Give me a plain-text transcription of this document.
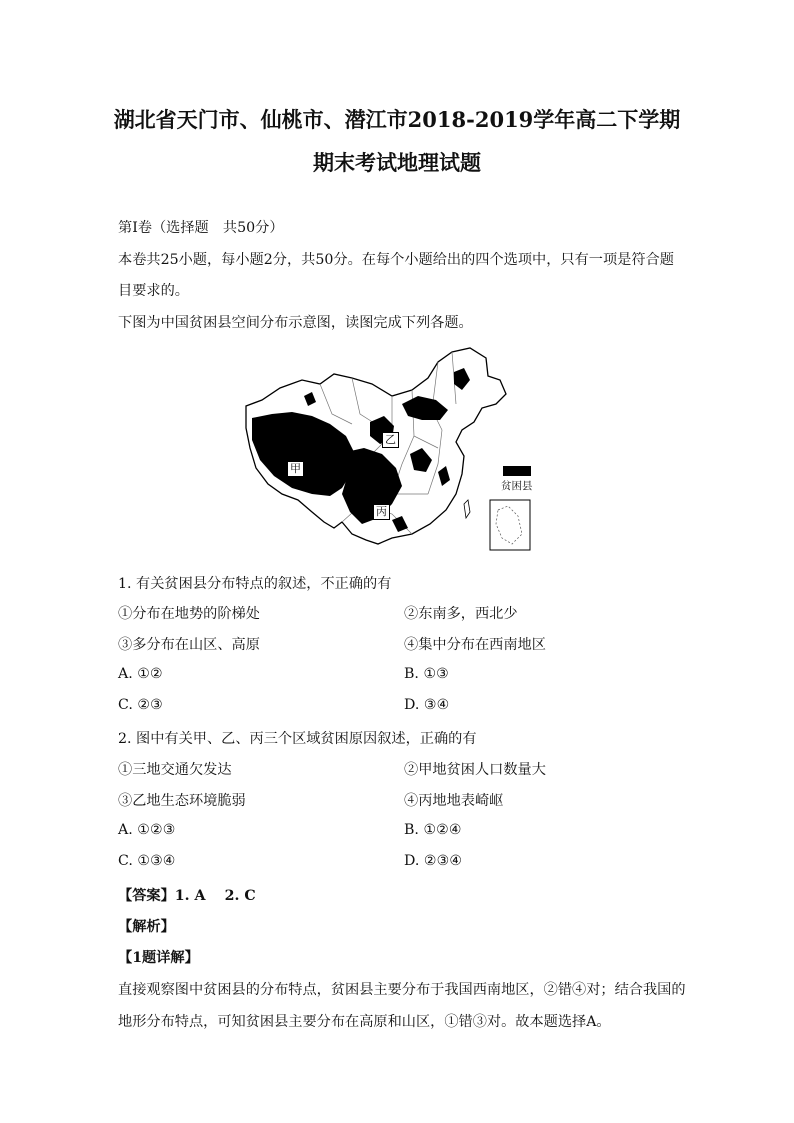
湖北省天门市、仙桃市、潜江市2018-2019学年高二下学期
期末考试地理试题
第Ⅰ卷（选择题　共50分）
本卷共25小题，每小题2分，共50分。在每个小题给出的四个选项中，只有一项是符合题
目要求的。
下图为中国贫困县空间分布示意图，读图完成下列各题。
甲
乙
丙
贫困县
1. 有关贫困县分布特点的叙述，不正确的有
①分布在地势的阶梯处	②东南多，西北少
③多分布在山区、高原	④集中分布在西南地区
A. ①②	B. ①③
C. ②③	D. ③④
2. 图中有关甲、乙、丙三个区域贫困原因叙述，正确的有
①三地交通欠发达	②甲地贫困人口数量大
③乙地生态环境脆弱	④丙地地表崎岖
A. ①②③	B. ①②④
C. ①③④	D. ②③④
【答案】1. A　 2. C
【解析】
【1题详解】
直接观察图中贫困县的分布特点，贫困县主要分布于我国西南地区，②错④对；结合我国的
地形分布特点，可知贫困县主要分布在高原和山区，①错③对。故本题选择A。
